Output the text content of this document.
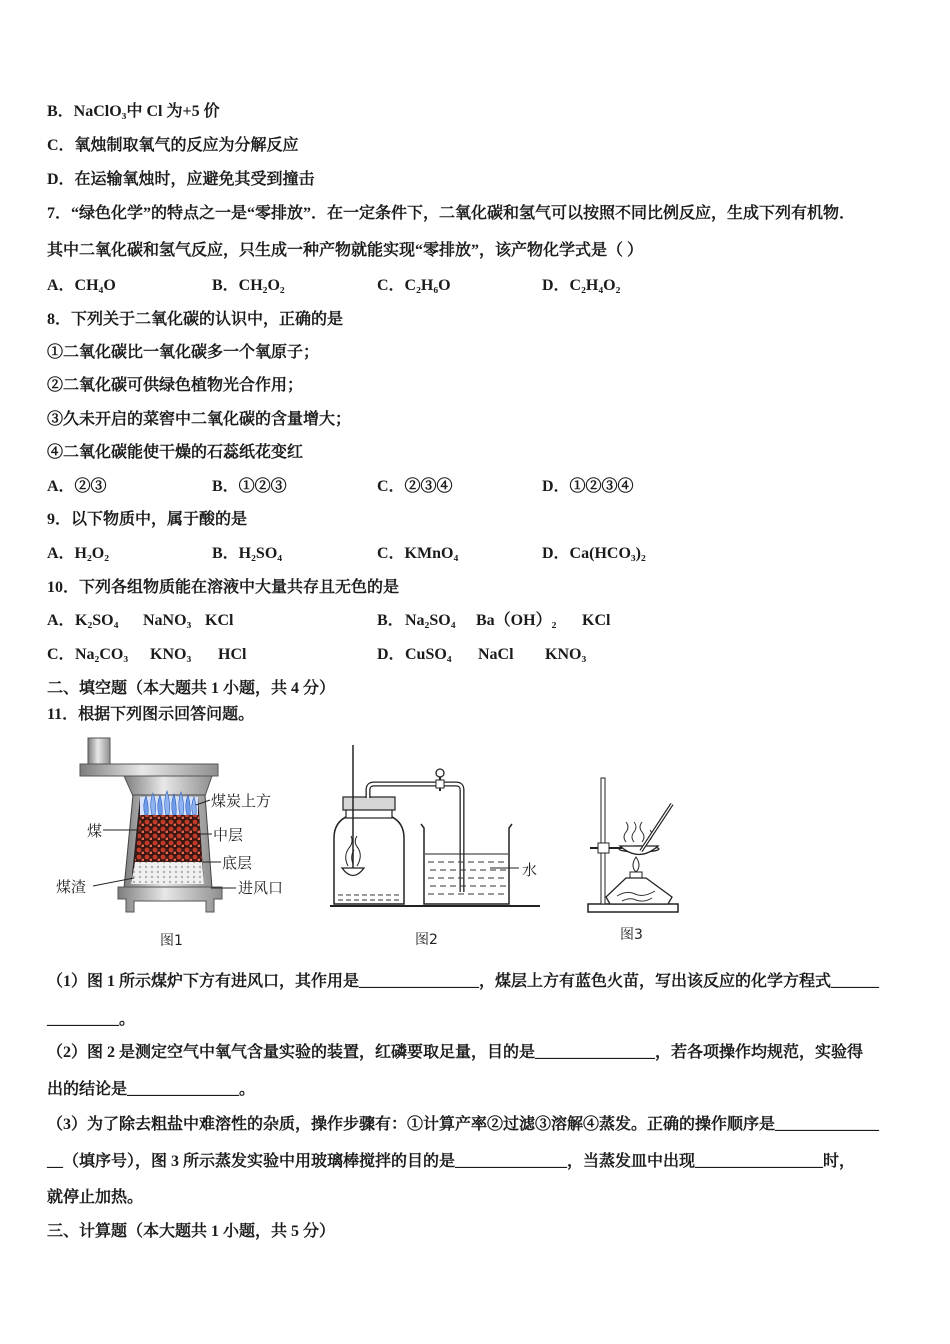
B．NaClO₃中 Cl 为+5 价
C．氧烛制取氧气的反应为分解反应
D．在运输氧烛时，应避免其受到撞击
7．“绿色化学”的特点之一是“零排放”．在一定条件下，二氧化碳和氢气可以按照不同比例反应，生成下列有机物．
其中二氧化碳和氢气反应，只生成一种产物就能实现“零排放”，该产物化学式是（ ）
A．CH₄O	B．CH₂O₂	C．C₂H₆O	D．C₂H₄O₂
8．下列关于二氧化碳的认识中，正确的是
①二氧化碳比一氧化碳多一个氧原子；
②二氧化碳可供绿色植物光合作用；
③久未开启的菜窖中二氧化碳的含量增大；
④二氧化碳能使干燥的石蕊纸花变红
A．②③	B．①②③	C．②③④	D．①②③④
9．以下物质中，属于酸的是
A．H₂O₂	B．H₂SO₄	C．KMnO₄	D．Ca(HCO₃)₂
10．下列各组物质能在溶液中大量共存且无色的是
A． K₂SO₄ NaNO₃ KCl	B． Na₂SO₄ Ba（OH）₂ KCl
C． Na₂CO₃ KNO₃ HCl	D． CuSO₄ NaCl KNO₃
二、填空题（本大题共 1 小题，共 4 分）
11．根据下列图示回答问题。
煤炭上方
煤	中层
底层
煤渣	进风口
图1
水
图2	图3
（1）图 1 所示煤炉下方有进风口，其作用是_______________，煤层上方有蓝色火苗，写出该反应的化学方程式______
_________。
（2）图 2 是测定空气中氧气含量实验的装置，红磷要取足量，目的是_______________，若各项操作均规范，实验得
出的结论是______________。
（3）为了除去粗盐中难溶性的杂质，操作步骤有：①计算产率②过滤③溶解④蒸发。正确的操作顺序是_____________
__（填序号），图 3 所示蒸发实验中用玻璃棒搅拌的目的是______________，当蒸发皿中出现________________时，
就停止加热。
三、计算题（本大题共 1 小题，共 5 分）
